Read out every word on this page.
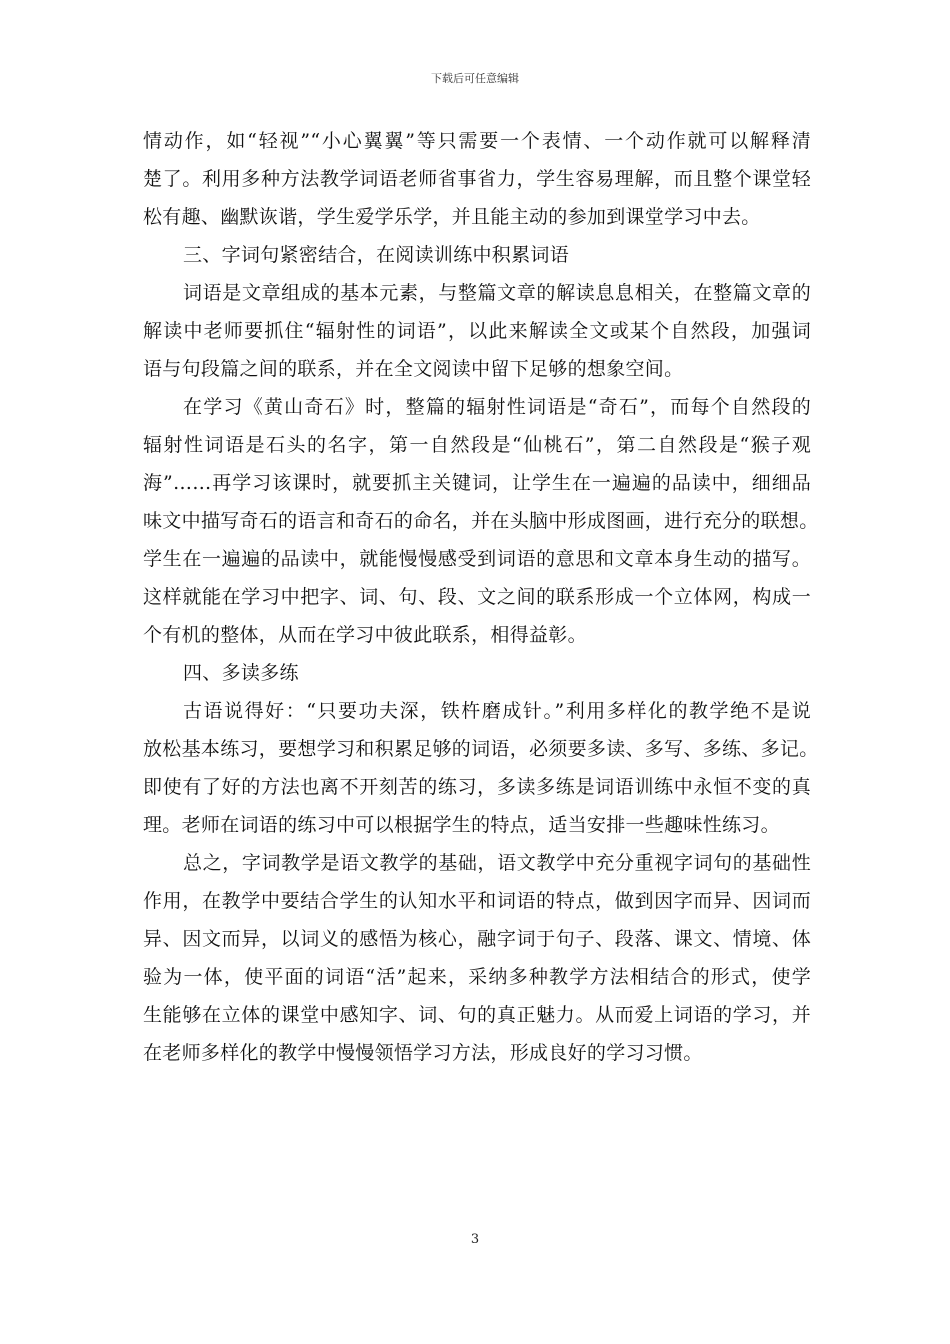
下载后可任意编辑
情动作，如“轻视”“小心翼翼”等只需要一个表情、一个动作就可以解释清
楚了。利用多种方法教学词语老师省事省力，学生容易理解，而且整个课堂轻
松有趣、幽默诙谐，学生爱学乐学，并且能主动的参加到课堂学习中去。
三、字词句紧密结合，在阅读训练中积累词语
词语是文章组成的基本元素，与整篇文章的解读息息相关，在整篇文章的
解读中老师要抓住“辐射性的词语”，以此来解读全文或某个自然段，加强词
语与句段篇之间的联系，并在全文阅读中留下足够的想象空间。
在学习《黄山奇石》时，整篇的辐射性词语是“奇石”，而每个自然段的
辐射性词语是石头的名字，第一自然段是“仙桃石”，第二自然段是“猴子观
海”……再学习该课时，就要抓主关键词，让学生在一遍遍的品读中，细细品
味文中描写奇石的语言和奇石的命名，并在头脑中形成图画，进行充分的联想。
学生在一遍遍的品读中，就能慢慢感受到词语的意思和文章本身生动的描写。
这样就能在学习中把字、词、句、段、文之间的联系形成一个立体网，构成一
个有机的整体，从而在学习中彼此联系，相得益彰。
四、多读多练
古语说得好：“只要功夫深，铁杵磨成针。”利用多样化的教学绝不是说
放松基本练习，要想学习和积累足够的词语，必须要多读、多写、多练、多记。
即使有了好的方法也离不开刻苦的练习，多读多练是词语训练中永恒不变的真
理。老师在词语的练习中可以根据学生的特点，适当安排一些趣味性练习。
总之，字词教学是语文教学的基础，语文教学中充分重视字词句的基础性
作用，在教学中要结合学生的认知水平和词语的特点，做到因字而异、因词而
异、因文而异，以词义的感悟为核心，融字词于句子、段落、课文、情境、体
验为一体，使平面的词语“活”起来，采纳多种教学方法相结合的形式，使学
生能够在立体的课堂中感知字、词、句的真正魅力。从而爱上词语的学习，并
在老师多样化的教学中慢慢领悟学习方法，形成良好的学习习惯。
3
